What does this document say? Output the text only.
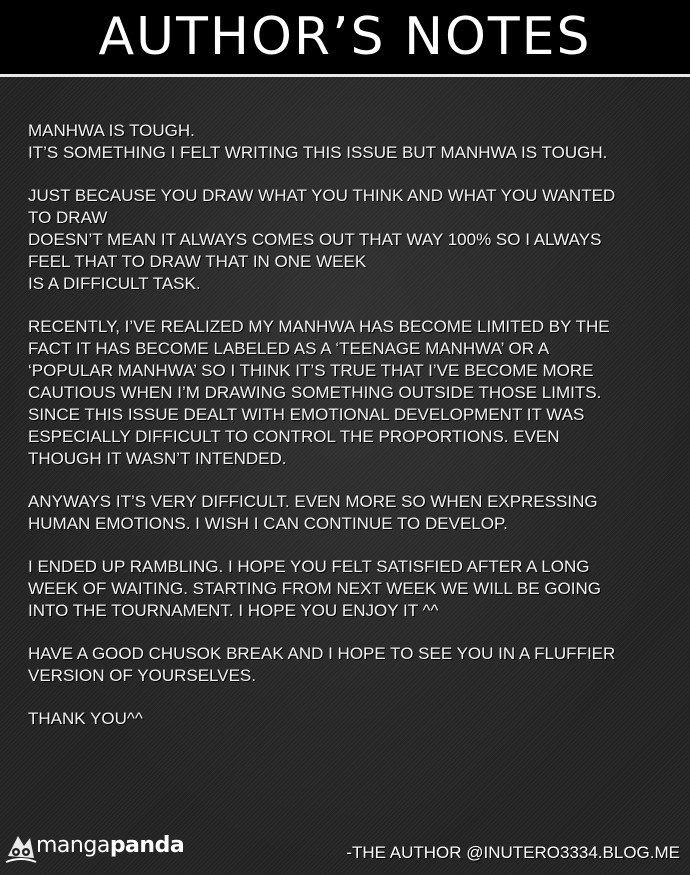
AUTHOR’S NOTES
MANHWA IS TOUGH.
IT’S SOMETHING I FELT WRITING THIS ISSUE BUT MANHWA IS TOUGH.
JUST BECAUSE YOU DRAW WHAT YOU THINK AND WHAT YOU WANTED
TO DRAW
DOESN’T MEAN IT ALWAYS COMES OUT THAT WAY 100% SO I ALWAYS
FEEL THAT TO DRAW THAT IN ONE WEEK
IS A DIFFICULT TASK.
RECENTLY, I’VE REALIZED MY MANHWA HAS BECOME LIMITED BY THE
FACT IT HAS BECOME LABELED AS A ‘TEENAGE MANHWA’ OR A
‘POPULAR MANHWA’ SO I THINK IT’S TRUE THAT I’VE BECOME MORE
CAUTIOUS WHEN I’M DRAWING SOMETHING OUTSIDE THOSE LIMITS.
SINCE THIS ISSUE DEALT WITH EMOTIONAL DEVELOPMENT IT WAS
ESPECIALLY DIFFICULT TO CONTROL THE PROPORTIONS. EVEN
THOUGH IT WASN’T INTENDED.
ANYWAYS IT’S VERY DIFFICULT. EVEN MORE SO WHEN EXPRESSING
HUMAN EMOTIONS. I WISH I CAN CONTINUE TO DEVELOP.
I ENDED UP RAMBLING. I HOPE YOU FELT SATISFIED AFTER A LONG
WEEK OF WAITING. STARTING FROM NEXT WEEK WE WILL BE GOING
INTO THE TOURNAMENT. I HOPE YOU ENJOY IT ^^
HAVE A GOOD CHUSOK BREAK AND I HOPE TO SEE YOU IN A FLUFFIER
VERSION OF YOURSELVES.
THANK YOU^^
mangapanda	-THE AUTHOR @INUTERO3334.BLOG.ME
